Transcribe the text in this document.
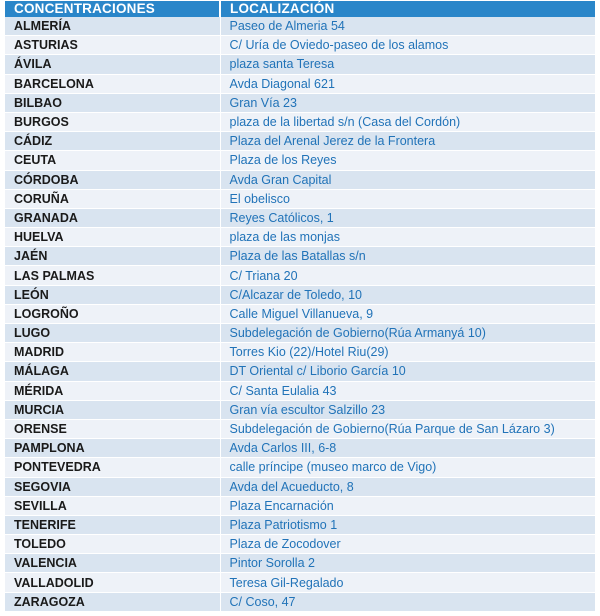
CONCENTRACIONES	LOCALIZACIÓN
ALMERÍA	Paseo de Almeria 54
ASTURIAS	C/ Uría de Oviedo-paseo de los alamos
ÁVILA	plaza santa Teresa
BARCELONA	Avda Diagonal 621
BILBAO	Gran Vía 23
BURGOS	plaza de la libertad s/n (Casa del Cordón)
CÁDIZ	Plaza del Arenal Jerez de la Frontera
CEUTA	Plaza de los Reyes
CÓRDOBA	Avda Gran Capital
CORUÑA	El obelisco
GRANADA	Reyes Católicos, 1
HUELVA	plaza de las monjas
JAÉN	Plaza de las Batallas s/n
LAS PALMAS	C/ Triana 20
LEÓN	C/Alcazar de Toledo, 10
LOGROÑO	Calle Miguel Villanueva, 9
LUGO	Subdelegación de Gobierno(Rúa Armanyá 10)
MADRID	Torres Kio (22)/Hotel Riu(29)
MÁLAGA	DT Oriental c/ Liborio García 10
MÉRIDA	C/ Santa Eulalia 43
MURCIA	Gran vía escultor Salzillo 23
ORENSE	Subdelegación de Gobierno(Rúa Parque de San Lázaro 3)
PAMPLONA	Avda Carlos III, 6-8
PONTEVEDRA	calle príncipe (museo marco de Vigo)
SEGOVIA	Avda del Acueducto, 8
SEVILLA	Plaza Encarnación
TENERIFE	Plaza Patriotismo 1
TOLEDO	Plaza de Zocodover
VALENCIA	Pintor Sorolla 2
VALLADOLID	Teresa Gil-Regalado
ZARAGOZA	C/ Coso, 47
